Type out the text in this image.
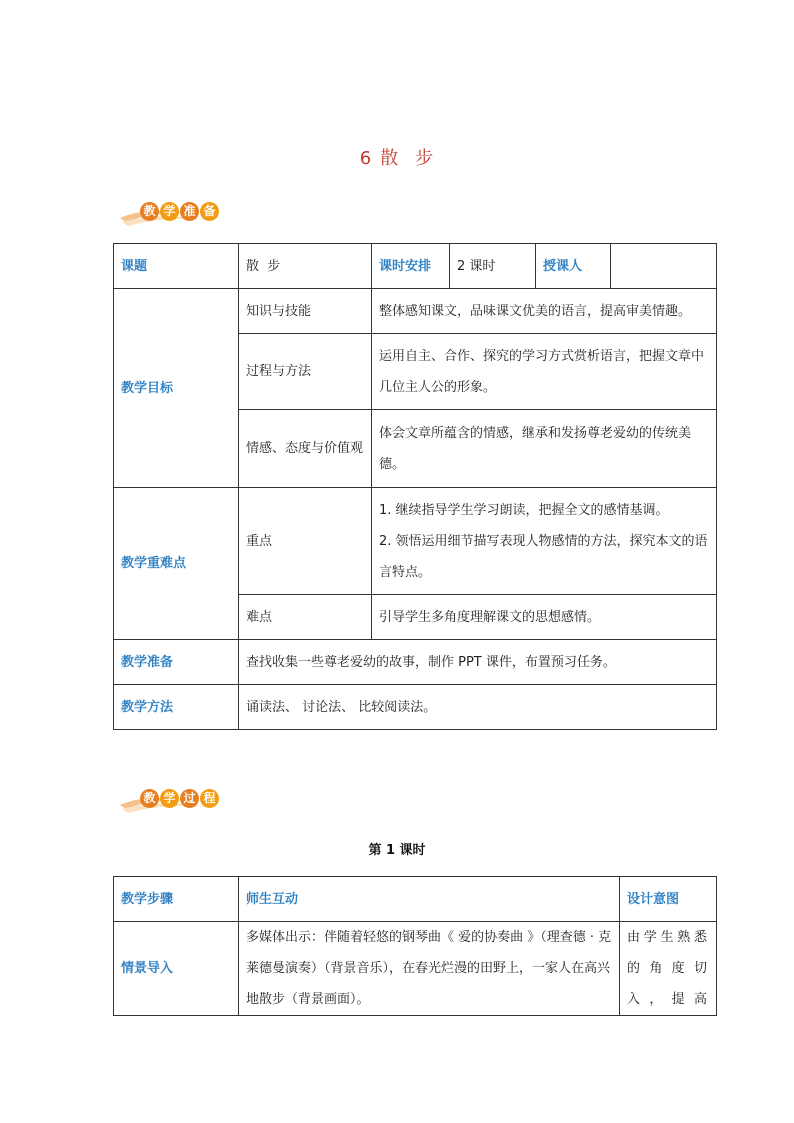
6 散 步
教 学 准 备
课题	散  步	课时安排	2 课时	授课人	
教学目标	知识与技能	整体感知课文，品味课文优美的语言，提高审美情趣。			
	过程与方法	运用自主、合作、探究的学习方式赏析语言，把握文章中几位主人公的形象。			
	情感、态度与价值观	体会文章所蕴含的情感，继承和发扬尊老爱幼的传统美德。			
教学重难点	重点	1. 继续指导学生学习朗读，把握全文的感情基调。
2. 领悟运用细节描写表现人物感情的方法，探究本文的语言特点。			

	难点	引导学生多角度理解课文的思想感情。			
教学准备	查找收集一些尊老爱幼的故事，制作 PPT 课件，布置预习任务。				
教学方法	诵读法、 讨论法、 比较阅读法。				
教 学 过 程
第 1 课时
教学步骤	师生互动	设计意图
情景导入	多媒体出示：伴随着轻悠的钢琴曲《 爱的协奏曲 》（理查德 · 克莱德曼演奏）（背景音乐），在春光烂漫的田野上，一家人在高兴地散步（背景画面）。	由学生熟悉的角度切入，提高
